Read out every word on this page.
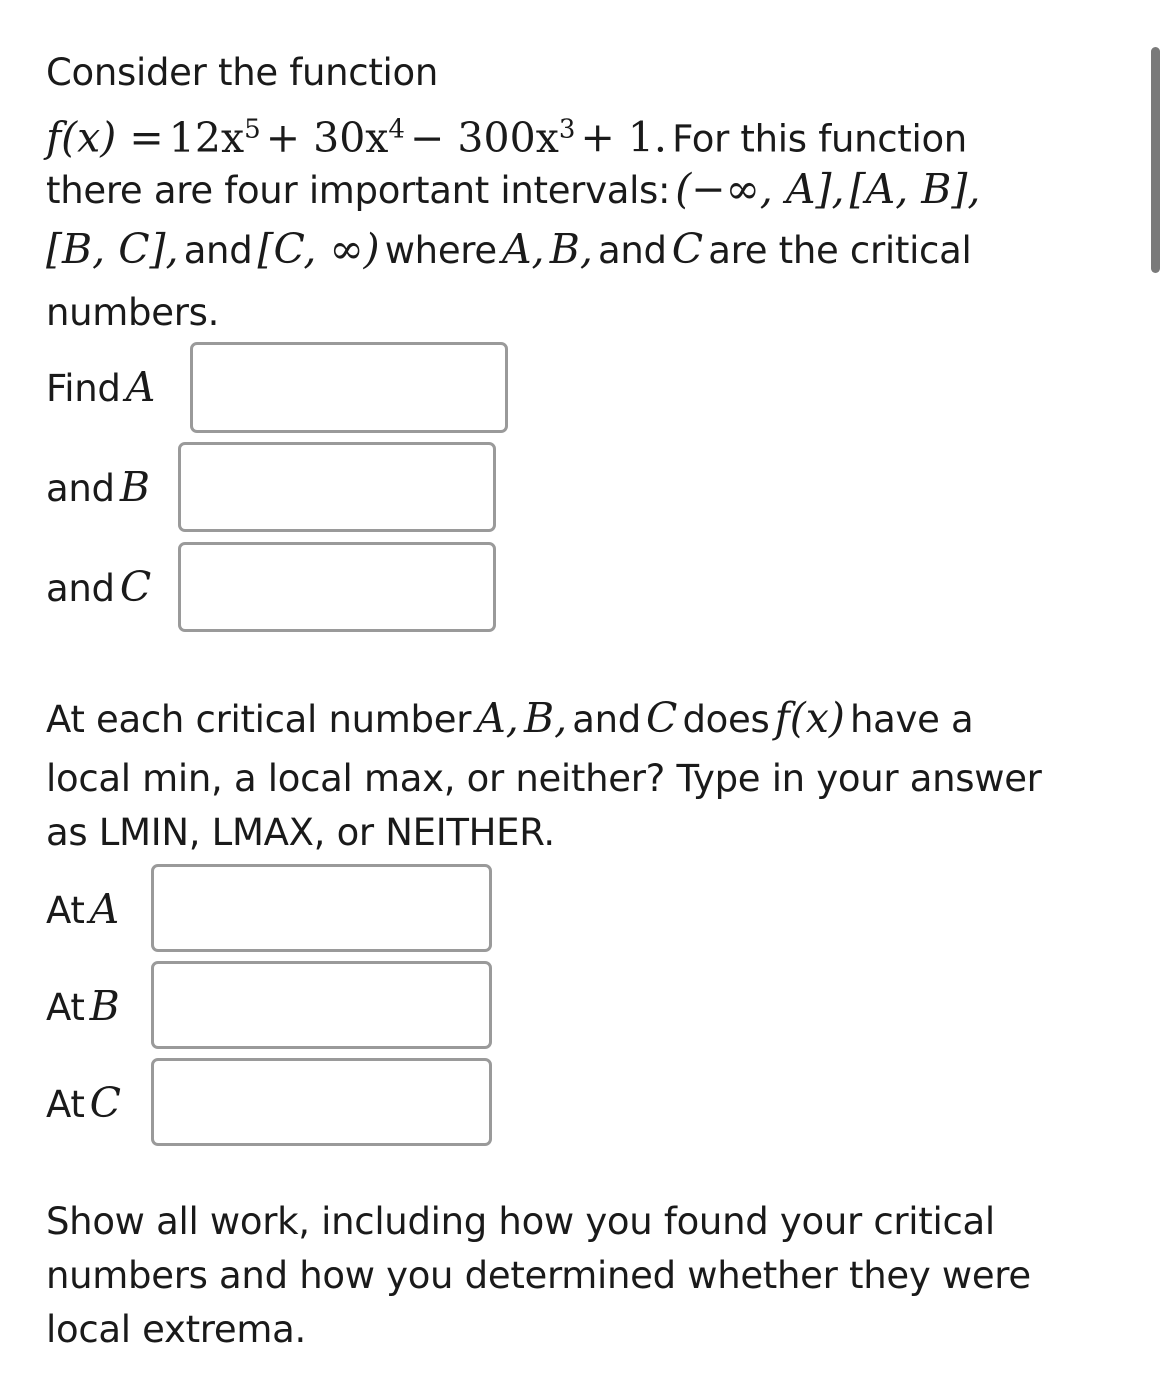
Consider the function
$f(x) = 12x^5 + 30x^4 - 300x^3 + 1$. For this function
there are four important intervals: (−∞, A], [A, B],
[B, C], and [C, ∞) where A, B, and C are the critical
numbers.
Find A
and B
and C
At each critical number A, B, and C does f(x) have a
local min, a local max, or neither? Type in your answer
as LMIN, LMAX, or NEITHER.
At A
At B
At C
Show all work, including how you found your critical
numbers and how you determined whether they were
local extrema.
